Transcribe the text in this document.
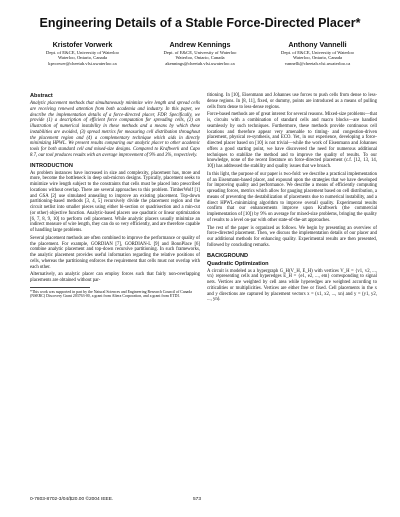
Engineering Details of a Stable Force-Directed Placer*
Kristofer Vorwerk
Dept. of E&CE, University of Waterloo
Waterloo, Ontario, Canada
kpvorwer@cheetah.vlsi.uwaterloo.ca
Andrew Kennings
Dept. of E&CE, University of Waterloo
Waterloo, Ontario, Canada
akennings@cheetah.vlsi.uwaterloo.ca
Anthony Vannelli
Dept. of E&CE, University of Waterloo
Waterloo, Ontario, Canada
vannelli@cheetah.vlsi.uwaterloo.ca
Abstract

Analytic placement methods that simultaneously minimize wire length and spread cells are receiving renewed attention from both academia and industry. In this paper, we describe the implementation details of a force-directed placer, FDP. Specifically, we provide (1) a description of efficient force computation for spreading cells, (2) an illustration of numerical instability in these methods and a means by which these instabilities are avoided, (3) spread metrics for measuring cell distribution throughout the placement region and (4) a complementary technique which aids in directly minimizing HPWL. We present results comparing our analytic placer to other academic tools for both standard cell and mixed-size designs. Compared to Kraftwerk and Capo 8.7, our tool produces results with an average improvement of 9% and 3%, respectively.

INTRODUCTION

As problem instances have increased in size and complexity, placement has, more and more, become the bottleneck in deep sub-micron designs. Typically, placement seeks to minimize wire length subject to the constraints that cells must be placed into prescribed locations without overlap. There are several approaches to this problem. TimberWolf [1] and GSA [2] use simulated annealing to improve an existing placement. Top-down partitioning-based methods [3, 4, 5] recursively divide the placement region and the circuit netlist into smaller pieces using either bi-section or quadrisection and a min-cut (or other) objective function. Analytic-based placers use quadratic or linear optimization [6, 7, 8, 9, 10] to perform cell placement. While analytic placers usually minimize an indirect measure of wire length, they can do so very efficiently, and are therefore capable of handling large problems.

Several placement methods are often combined to improve the performance or quality of the placement. For example, GORDIAN [7], GORDIAN-L [9] and BonnPlace [6] combine analytic placement and top-down recursive partitioning. In such frameworks, the analytic placement provides useful information regarding the relative positions of cells, whereas the partitioning enforces the requirement that cells must not overlap with each other.

Alternatively, an analytic placer can employ forces such that fairly non-overlapping placements are obtained without par-

*This work was supported in part by the Natural Sciences and Engineering Research Council of Canada (NSERC) Discovery Grant 203763-00, a grant from Altera Corporation, and a grant from ETDI.

titioning. In [10], Eisenmann and Johannes use forces to push cells from dense to less-dense regions. In [8, 11], fixed, or dummy, points are introduced as a means of pulling cells from dense to less-dense regions.

Force-based methods are of great interest for several reasons. Mixed-size problems—that is, circuits with a combination of standard cells and macro blocks—are handled seamlessly by such techniques. Furthermore, these methods provide continuous cell locations and therefore appear very amenable to timing- and congestion-driven placement, physical re-synthesis, and ECO. Yet, in our experience, developing a force-directed placer based on [10] is not trivial—while the work of Eisenmann and Johannes offers a good starting point, we have discovered the need for numerous additional techniques to stabilize the method and to improve the quality of results. To our knowledge, none of the recent literature on force-directed placement (c.f. [12, 13, 14, 10]) has addressed the stability and quality issues that we broach.

In this light, the purpose of our paper is two-fold: we describe a practical implementation of an Eisenmann-based placer, and expound upon the strategies that we have developed for improving quality and performance. We describe a means of efficiently computing spreading forces, metrics which allow for gauging placement based on cell distribution, a means of preventing the destabilization of placements due to numerical instability, and a direct HPWL-minimizing algorithm to improve overall quality. Experimental results confirm that our enhancements improve upon Kraftwerk (the commercial implementation of [10]) by 9% on average for mixed-size problems, bringing the quality of results to a level on-par with other state-of-the-art approaches.

The rest of the paper is organized as follows. We begin by presenting an overview of force-directed placement. Then, we discuss the implementation details of our placer and our additional methods for enhancing quality. Experimental results are then presented, followed by concluding remarks.

BACKGROUND
Quadratic Optimization

A circuit is modeled as a hypergraph G_H(V_H, E_H) with vertices V_H = {v1, v2, ..., vn} representing cells and hyperedges E_H = {e1, e2, ..., em} corresponding to signal nets. Vertices are weighted by cell area while hyperedges are weighted according to criticalities or multiplicities. Vertices are either free or fixed. Cell placements in the x and y directions are captured by placement vectors x = (x1, x2, ..., xn) and y = (y1, y2, ..., yn).

0-7803-8702-3/04/$20.00 ©2004 IEEE.	573
